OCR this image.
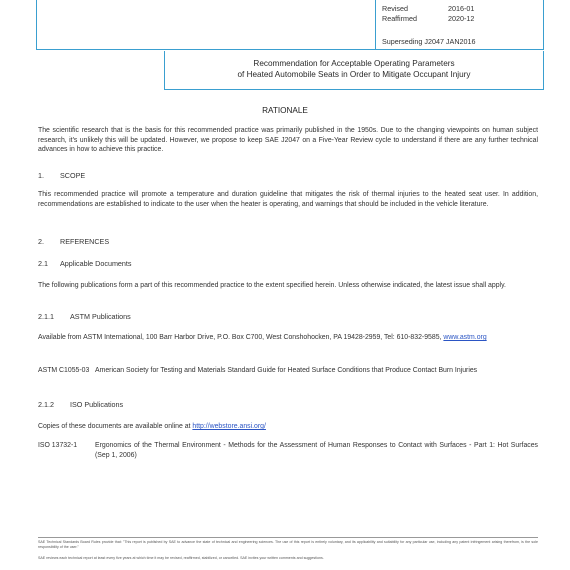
Revised	2016-01
Reaffirmed	2020-12
Superseding J2047 JAN2016
Recommendation for Acceptable Operating Parameters
of Heated Automobile Seats in Order to Mitigate Occupant Injury
RATIONALE
The scientific research that is the basis for this recommended practice was primarily published in the 1950s. Due to the changing viewpoints on human subject research, it's unlikely this will be updated. However, we propose to keep SAE J2047 on a Five-Year Review cycle to understand if there are any further technical advances in how to achieve this practice.
1. SCOPE
This recommended practice will promote a temperature and duration guideline that mitigates the risk of thermal injuries to the heated seat user. In addition, recommendations are established to indicate to the user when the heater is operating, and warnings that should be included in the vehicle literature.
2. REFERENCES
2.1 Applicable Documents
The following publications form a part of this recommended practice to the extent specified herein. Unless otherwise indicated, the latest issue shall apply.
2.1.1 ASTM Publications
Available from ASTM International, 100 Barr Harbor Drive, P.O. Box C700, West Conshohocken, PA 19428-2959, Tel: 610-832-9585, www.astm.org
ASTM C1055-03 American Society for Testing and Materials Standard Guide for Heated Surface Conditions that Produce Contact Burn Injuries
2.1.2 ISO Publications
Copies of these documents are available online at http://webstore.ansi.org/
ISO 13732-1	Ergonomics of the Thermal Environment - Methods for the Assessment of Human Responses to Contact with Surfaces - Part 1: Hot Surfaces (Sep 1, 2006)
SAE Technical Standards Board Rules provide that: "This report is published by SAE to advance the state of technical and engineering sciences. The use of this report is entirely voluntary, and its applicability and suitability for any particular use, including any patent infringement arising therefrom, is the sole responsibility of the user."
SAE reviews each technical report at least every five years at which time it may be revised, reaffirmed, stabilized, or cancelled. SAE invites your written comments and suggestions.
